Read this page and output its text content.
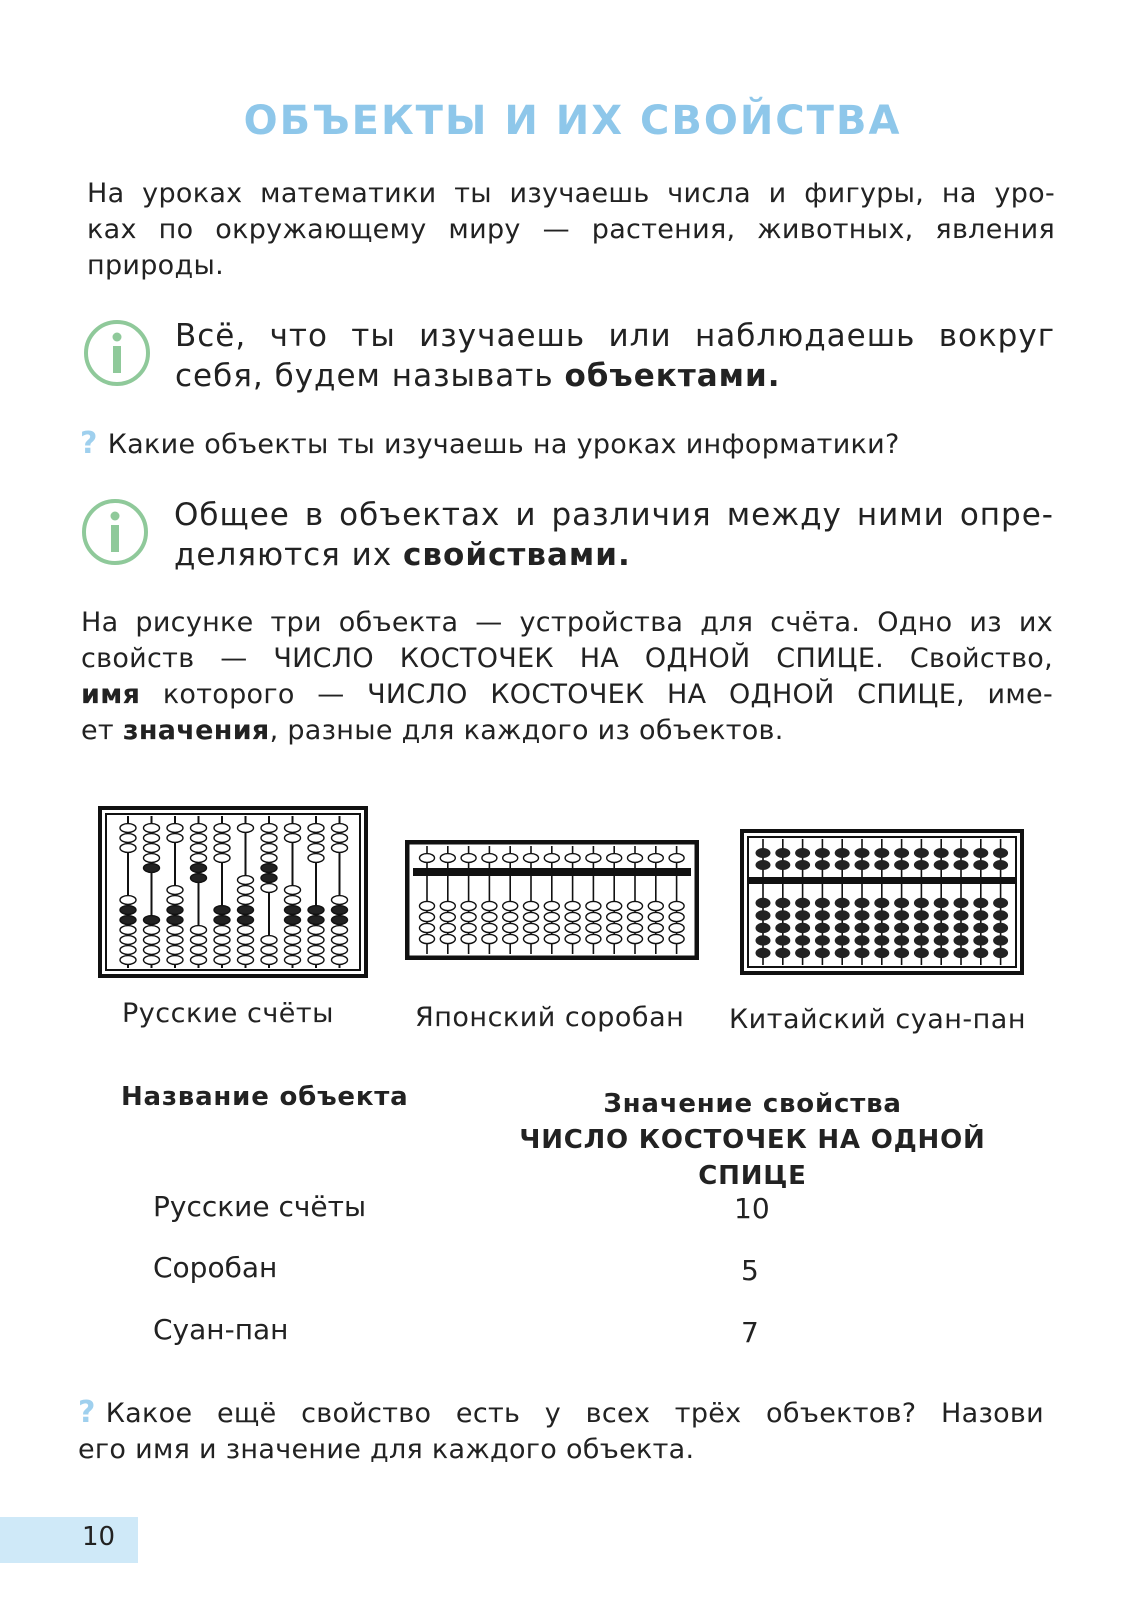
ОБЪЕКТЫ И ИХ СВОЙСТВА
На уроках математики ты изучаешь числа и фигуры, на уро-
ках по окружающему миру — растения, животных, явления
природы.
Всё, что ты изучаешь или наблюдаешь вокруг
себя, будем называть объектами.
? Какие объекты ты изучаешь на уроках информатики?
Общее в объектах и различия между ними опре-
деляются их свойствами.
На рисунке три объекта — устройства для счёта. Одно из их
свойств — ЧИСЛО КОСТОЧЕК НА ОДНОЙ СПИЦЕ. Свойство,
имя которого — ЧИСЛО КОСТОЧЕК НА ОДНОЙ СПИЦЕ, име-
ет значения, разные для каждого из объектов.
Русские счёты	Японский соробан Китайский суан-пан
Название объекта	Значение свойства
ЧИСЛО КОСТОЧЕК НА ОДНОЙ СПИЦЕ
Русские счёты	10
Соробан	5
Суан-пан	7
? Какое ещё свойство есть у всех трёх объектов? Назови
его имя и значение для каждого объекта.
10
